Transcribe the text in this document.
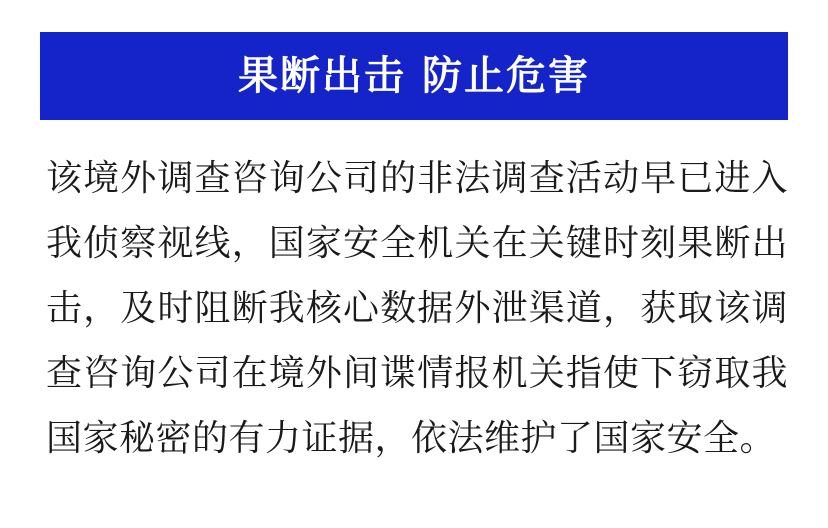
果断出击 防止危害

该境外调查咨询公司的非法调查活动早已进入我侦察视线，国家安全机关在关键时刻果断出击，及时阻断我核心数据外泄渠道，获取该调查咨询公司在境外间谍情报机关指使下窃取我国家秘密的有力证据，依法维护了国家安全。
